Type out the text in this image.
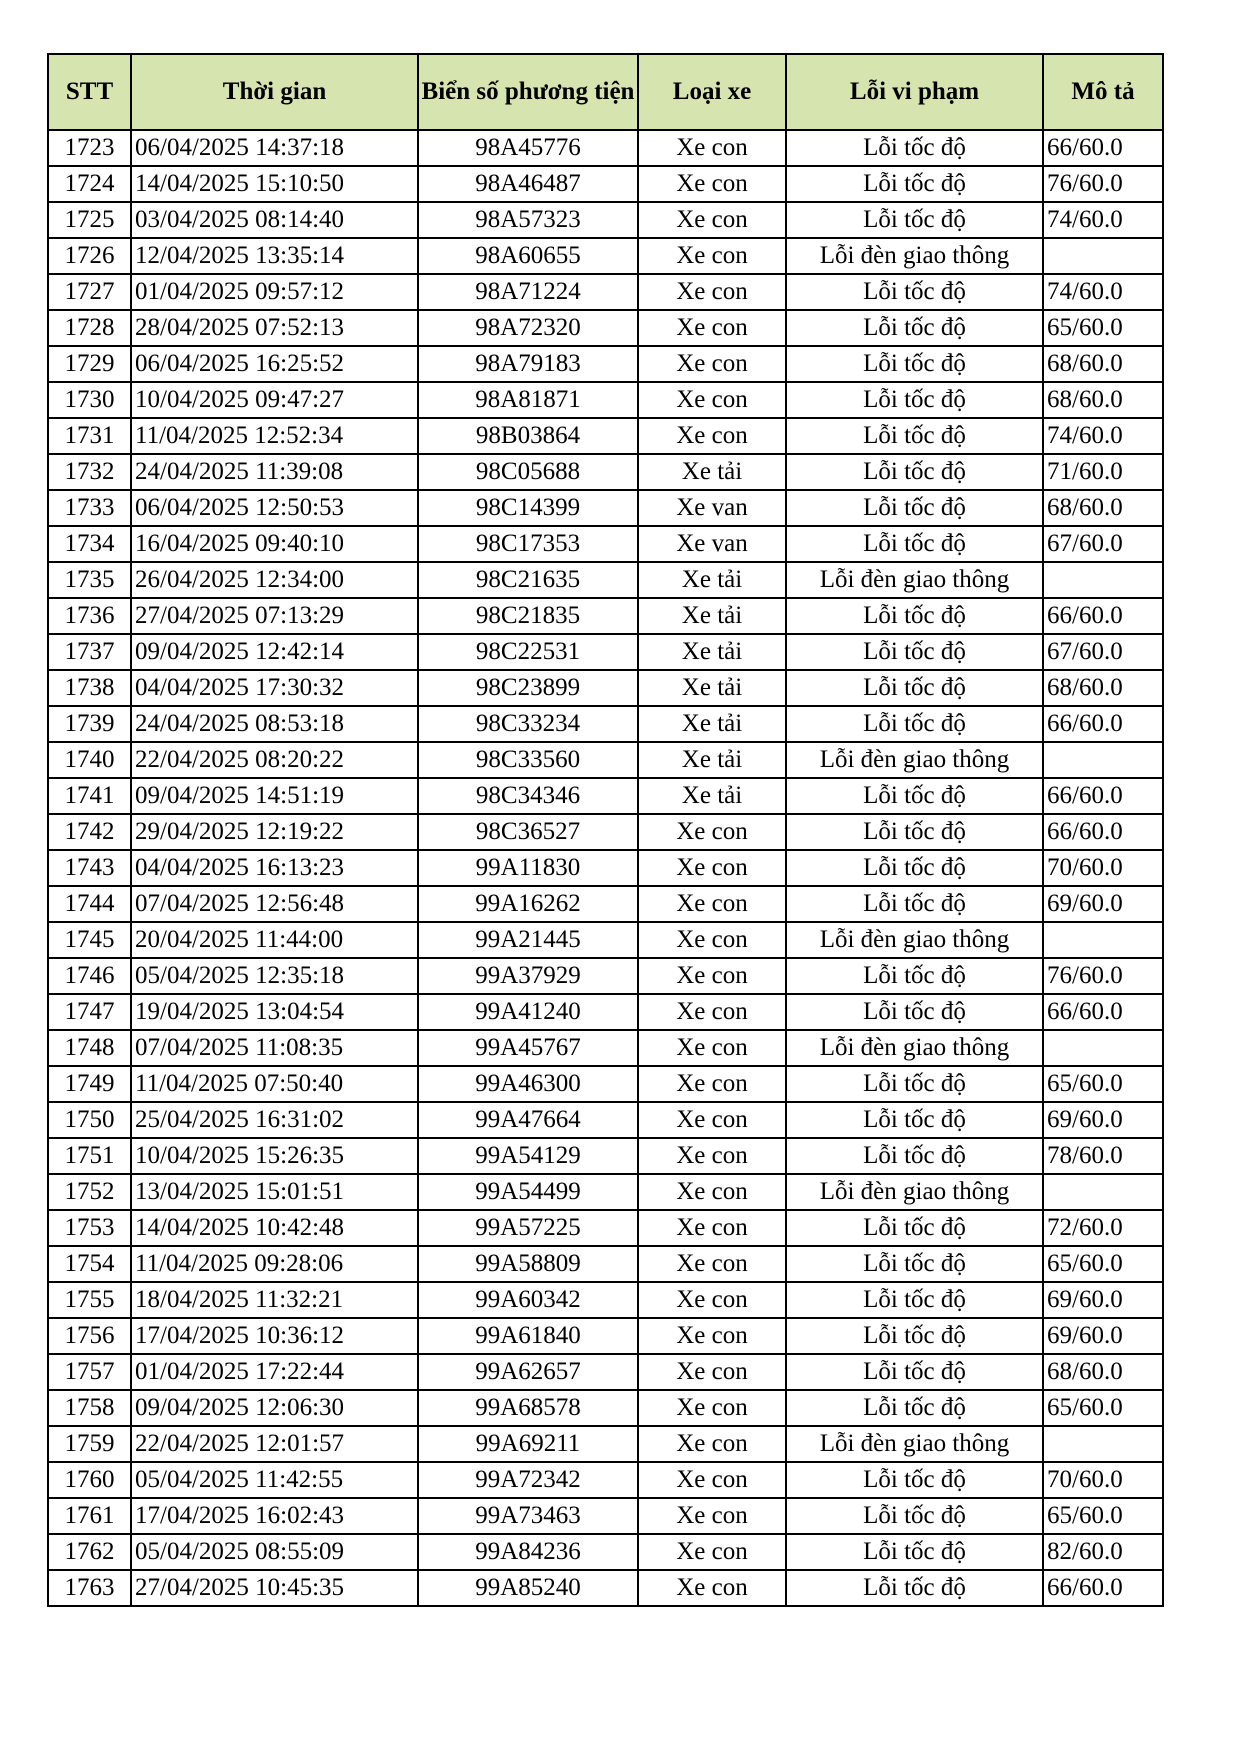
STT	Thời gian	Biển số phương tiện	Loại xe	Lỗi vi phạm	Mô tả
1723	06/04/2025 14:37:18	98A45776	Xe con	Lỗi tốc độ	66/60.0
1724	14/04/2025 15:10:50	98A46487	Xe con	Lỗi tốc độ	76/60.0
1725	03/04/2025 08:14:40	98A57323	Xe con	Lỗi tốc độ	74/60.0
1726	12/04/2025 13:35:14	98A60655	Xe con	Lỗi đèn giao thông	
1727	01/04/2025 09:57:12	98A71224	Xe con	Lỗi tốc độ	74/60.0
1728	28/04/2025 07:52:13	98A72320	Xe con	Lỗi tốc độ	65/60.0
1729	06/04/2025 16:25:52	98A79183	Xe con	Lỗi tốc độ	68/60.0
1730	10/04/2025 09:47:27	98A81871	Xe con	Lỗi tốc độ	68/60.0
1731	11/04/2025 12:52:34	98B03864	Xe con	Lỗi tốc độ	74/60.0
1732	24/04/2025 11:39:08	98C05688	Xe tải	Lỗi tốc độ	71/60.0
1733	06/04/2025 12:50:53	98C14399	Xe van	Lỗi tốc độ	68/60.0
1734	16/04/2025 09:40:10	98C17353	Xe van	Lỗi tốc độ	67/60.0
1735	26/04/2025 12:34:00	98C21635	Xe tải	Lỗi đèn giao thông	
1736	27/04/2025 07:13:29	98C21835	Xe tải	Lỗi tốc độ	66/60.0
1737	09/04/2025 12:42:14	98C22531	Xe tải	Lỗi tốc độ	67/60.0
1738	04/04/2025 17:30:32	98C23899	Xe tải	Lỗi tốc độ	68/60.0
1739	24/04/2025 08:53:18	98C33234	Xe tải	Lỗi tốc độ	66/60.0
1740	22/04/2025 08:20:22	98C33560	Xe tải	Lỗi đèn giao thông	
1741	09/04/2025 14:51:19	98C34346	Xe tải	Lỗi tốc độ	66/60.0
1742	29/04/2025 12:19:22	98C36527	Xe con	Lỗi tốc độ	66/60.0
1743	04/04/2025 16:13:23	99A11830	Xe con	Lỗi tốc độ	70/60.0
1744	07/04/2025 12:56:48	99A16262	Xe con	Lỗi tốc độ	69/60.0
1745	20/04/2025 11:44:00	99A21445	Xe con	Lỗi đèn giao thông	
1746	05/04/2025 12:35:18	99A37929	Xe con	Lỗi tốc độ	76/60.0
1747	19/04/2025 13:04:54	99A41240	Xe con	Lỗi tốc độ	66/60.0
1748	07/04/2025 11:08:35	99A45767	Xe con	Lỗi đèn giao thông	
1749	11/04/2025 07:50:40	99A46300	Xe con	Lỗi tốc độ	65/60.0
1750	25/04/2025 16:31:02	99A47664	Xe con	Lỗi tốc độ	69/60.0
1751	10/04/2025 15:26:35	99A54129	Xe con	Lỗi tốc độ	78/60.0
1752	13/04/2025 15:01:51	99A54499	Xe con	Lỗi đèn giao thông	
1753	14/04/2025 10:42:48	99A57225	Xe con	Lỗi tốc độ	72/60.0
1754	11/04/2025 09:28:06	99A58809	Xe con	Lỗi tốc độ	65/60.0
1755	18/04/2025 11:32:21	99A60342	Xe con	Lỗi tốc độ	69/60.0
1756	17/04/2025 10:36:12	99A61840	Xe con	Lỗi tốc độ	69/60.0
1757	01/04/2025 17:22:44	99A62657	Xe con	Lỗi tốc độ	68/60.0
1758	09/04/2025 12:06:30	99A68578	Xe con	Lỗi tốc độ	65/60.0
1759	22/04/2025 12:01:57	99A69211	Xe con	Lỗi đèn giao thông	
1760	05/04/2025 11:42:55	99A72342	Xe con	Lỗi tốc độ	70/60.0
1761	17/04/2025 16:02:43	99A73463	Xe con	Lỗi tốc độ	65/60.0
1762	05/04/2025 08:55:09	99A84236	Xe con	Lỗi tốc độ	82/60.0
1763	27/04/2025 10:45:35	99A85240	Xe con	Lỗi tốc độ	66/60.0
